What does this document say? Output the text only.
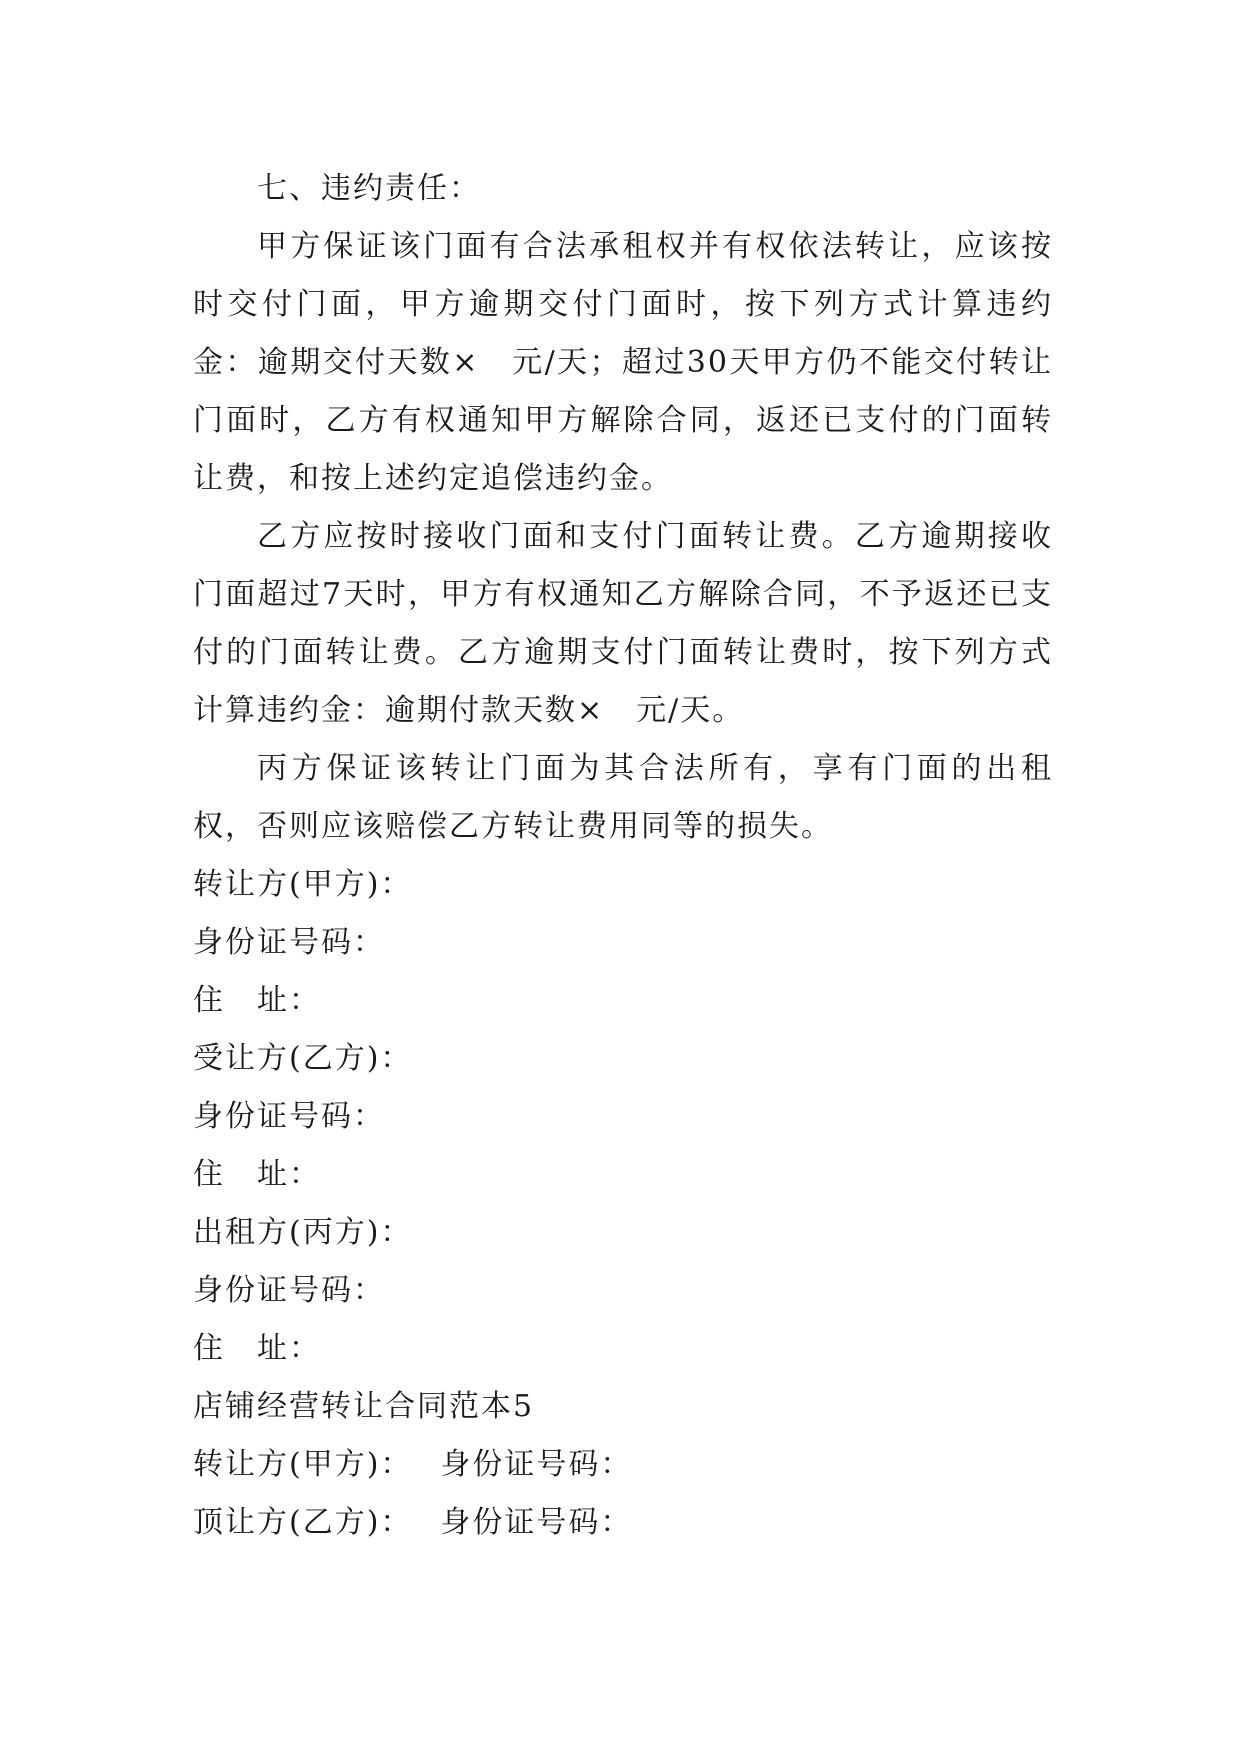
七、违约责任：

甲方保证该门面有合法承租权并有权依法转让，应该按时交付门面，甲方逾期交付门面时，按下列方式计算违约金：逾期交付天数×　元/天；超过30天甲方仍不能交付转让门面时，乙方有权通知甲方解除合同，返还已支付的门面转让费，和按上述约定追偿违约金。

乙方应按时接收门面和支付门面转让费。乙方逾期接收门面超过7天时，甲方有权通知乙方解除合同，不予返还已支付的门面转让费。乙方逾期支付门面转让费时，按下列方式计算违约金：逾期付款天数×　元/天。

丙方保证该转让门面为其合法所有，享有门面的出租权，否则应该赔偿乙方转让费用同等的损失。

转让方(甲方)：

身份证号码：

住　址：

受让方(乙方)：

身份证号码：

住　址：

出租方(丙方)：

身份证号码：

住　址：

店铺经营转让合同范本5

转让方(甲方)： 身份证号码：

顶让方(乙方)： 身份证号码：
